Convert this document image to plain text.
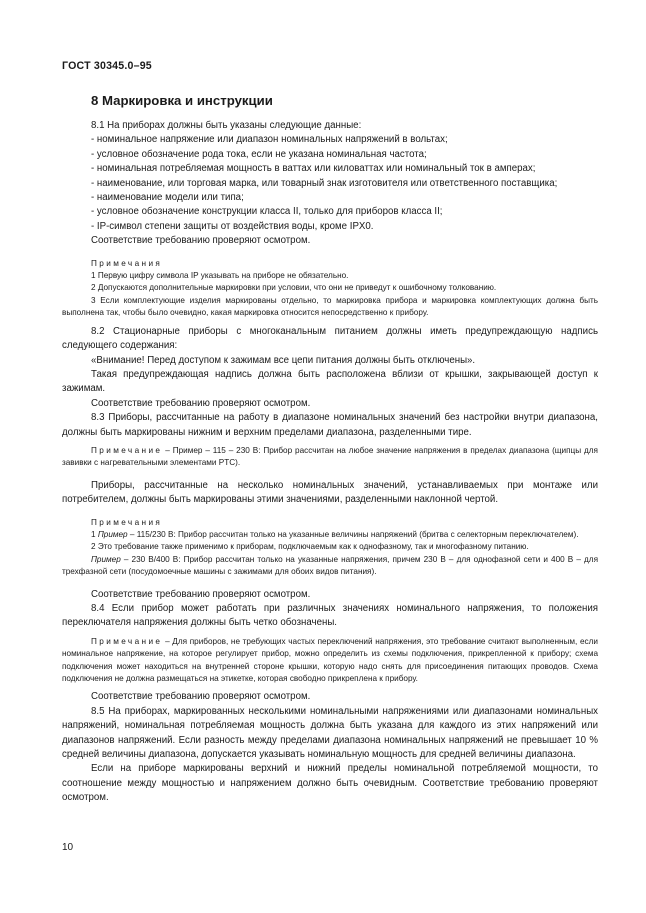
ГОСТ 30345.0–95
8 Маркировка и инструкции

8.1 На приборах должны быть указаны следующие данные:

- номинальное напряжение или диапазон номинальных напряжений в вольтах;

- условное обозначение рода тока, если не указана номинальная частота;

- номинальная потребляемая мощность в ваттах или киловаттах или номинальный ток в амперах;

- наименование, или торговая марка, или товарный знак изготовителя или ответственного поставщика;

- наименование модели или типа;

- условное обозначение конструкции класса II, только для приборов класса II;

- IP-символ степени защиты от воздействия воды, кроме IPX0.

Соответствие требованию проверяют осмотром.

Примечания

1 Первую цифру символа IP указывать на приборе не обязательно.

2 Допускаются дополнительные маркировки при условии, что они не приведут к ошибочному толкованию.

3 Если комплектующие изделия маркированы отдельно, то маркировка прибора и маркировка комплектующих должна быть выполнена так, чтобы было очевидно, какая маркировка относится непосредственно к прибору.

8.2 Стационарные приборы с многоканальным питанием должны иметь предупреждающую надпись следующего содержания:

«Внимание! Перед доступом к зажимам все цепи питания должны быть отключены».

Такая предупреждающая надпись должна быть расположена вблизи от крышки, закрывающей доступ к зажимам.

Соответствие требованию проверяют осмотром.

8.3 Приборы, рассчитанные на работу в диапазоне номинальных значений без настройки внутри диапазона, должны быть маркированы нижним и верхним пределами диапазона, разделенными тире.

Примечание – Пример – 115 – 230 В: Прибор рассчитан на любое значение напряжения в пределах диапазона (щипцы для завивки с нагревательными элементами PTC).

Приборы, рассчитанные на несколько номинальных значений, устанавливаемых при монтаже или потребителем, должны быть маркированы этими значениями, разделенными наклонной чертой.

Примечания

1 Пример – 115/230 В: Прибор рассчитан только на указанные величины напряжений (бритва с селекторным переключателем).

2 Это требование также применимо к приборам, подключаемым как к однофазному, так и многофазному питанию.

Пример – 230 В/400 В: Прибор рассчитан только на указанные напряжения, причем 230 В – для однофазной сети и 400 В – для трехфазной сети (посудомоечные машины с зажимами для обоих видов питания).

Соответствие требованию проверяют осмотром.

8.4 Если прибор может работать при различных значениях номинального напряжения, то положения переключателя напряжения должны быть четко обозначены.

Примечание – Для приборов, не требующих частых переключений напряжения, это требование считают выполненным, если номинальное напряжение, на которое регулирует прибор, можно определить из схемы подключения, прикрепленной к прибору; схема подключения может находиться на внутренней стороне крышки, которую надо снять для присоединения питающих проводов. Схема подключения не должна размещаться на этикетке, которая свободно прикреплена к прибору.

Соответствие требованию проверяют осмотром.

8.5 На приборах, маркированных несколькими номинальными напряжениями или диапазонами номинальных напряжений, номинальная потребляемая мощность должна быть указана для каждого из этих напряжений или диапазонов напряжений. Если разность между пределами диапазона номинальных напряжений не превышает 10 % средней величины диапазона, допускается указывать номинальную мощность для средней величины диапазона.

Если на приборе маркированы верхний и нижний пределы номинальной потребляемой мощности, то соотношение между мощностью и напряжением должно быть очевидным. Соответствие требованию проверяют осмотром.

10
